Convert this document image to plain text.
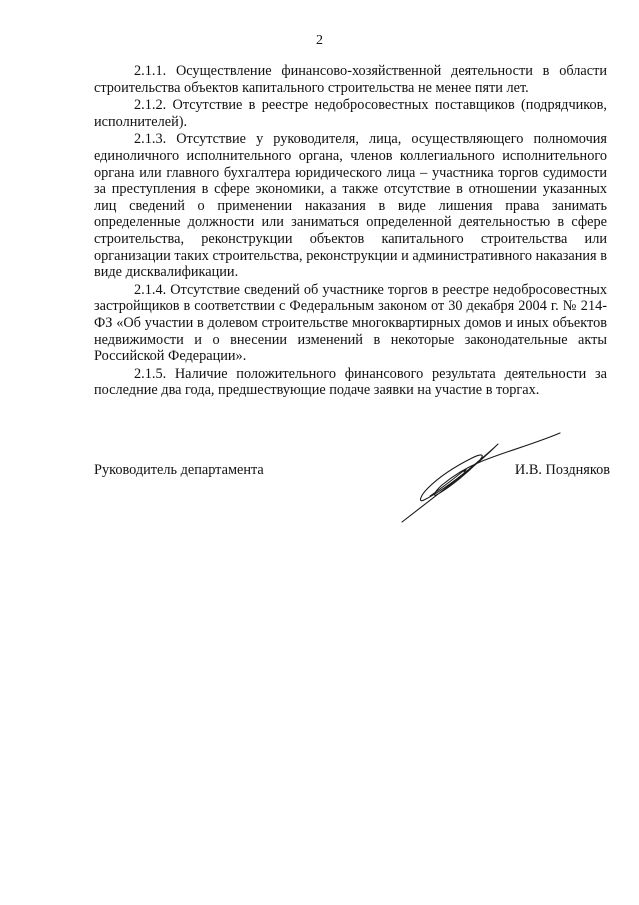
2

2.1.1. Осуществление финансово-хозяйственной деятельности в области строительства объектов капитального строительства не менее пяти лет.

2.1.2. Отсутствие в реестре недобросовестных поставщиков (подрядчиков, исполнителей).

2.1.3. Отсутствие у руководителя, лица, осуществляющего полномочия единоличного исполнительного органа, членов коллегиального исполнительного органа или главного бухгалтера юридического лица – участника торгов судимости за преступления в сфере экономики, а также отсутствие в отношении указанных лиц сведений о применении наказания в виде лишения права занимать определенные должности или заниматься определенной деятельностью в сфере строительства, реконструкции объектов капитального строительства или организации таких строительства, реконструкции и административного наказания в виде дисквалификации.

2.1.4. Отсутствие сведений об участнике торгов в реестре недобросовестных застройщиков в соответствии с Федеральным законом от 30 декабря 2004 г. № 214-ФЗ «Об участии в долевом строительстве многоквартирных домов и иных объектов недвижимости и о внесении изменений в некоторые законодательные акты Российской Федерации».

2.1.5. Наличие положительного финансового результата деятельности за последние два года, предшествующие подаче заявки на участие в торгах.

Руководитель департамента	И.В. Поздняков
